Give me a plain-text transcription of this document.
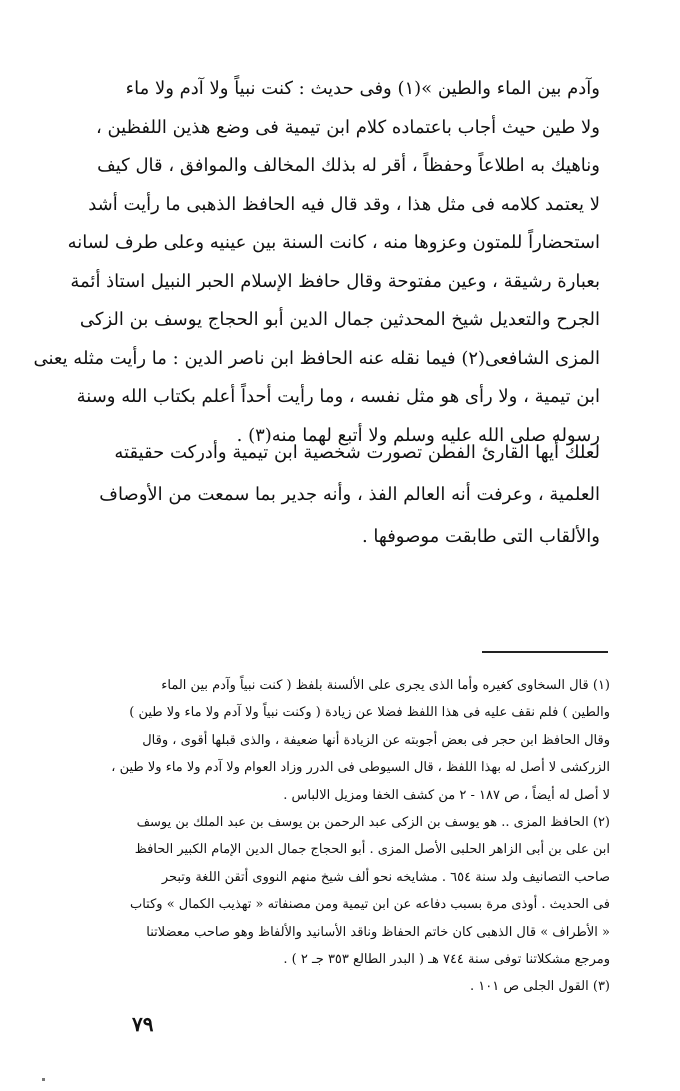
وآدم بين الماء والطين »(١) وفى حديث : كنت نبياً ولا آدم ولا ماء
ولا طين حيث أجاب باعتماده كلام ابن تيمية فى وضع هذين اللفظين ،
وناهيك به اطلاعاً وحفظاً ، أقر له بذلك المخالف والموافق ، قال كيف
لا يعتمد كلامه فى مثل هذا ، وقد قال فيه الحافظ الذهبى ما رأيت أشد
استحضاراً للمتون وعزوها منه ، كانت السنة بين عينيه وعلى طرف لسانه
بعبارة رشيقة ، وعين مفتوحة وقال حافظ الإسلام الحبر النبيل استاذ أئمة
الجرح والتعديل شيخ المحدثين جمال الدين أبو الحجاج يوسف بن الزكى
المزى الشافعى(٢) فيما نقله عنه الحافظ ابن ناصر الدين : ما رأيت مثله يعنى
ابن تيمية ، ولا رأى هو مثل نفسه ، وما رأيت أحداً أعلم بكتاب الله وسنة
رسوله صلى الله عليه وسلم ولا أتبع لهما منه(٣) .
لعلك أيها القارئ الفطن تصورت شخصية ابن تيمية وأدركت حقيقته
العلمية ، وعرفت أنه العالم الفذ ، وأنه جدير بما سمعت من الأوصاف
والألقاب التى طابقت موصوفها .
(١) قال السخاوى كغيره وأما الذى يجرى على الألسنة بلفظ ( كنت نبياً وآدم بين الماء
والطين ) فلم نقف عليه فى هذا اللفظ فضلا عن زيادة ( وكنت نبياً ولا آدم ولا ماء ولا طين )
وقال الحافظ ابن حجر فى بعض أجوبته عن الزيادة أنها ضعيفة ، والذى قبلها أقوى ، وقال
الزركشى لا أصل له بهذا اللفظ ، قال السيوطى فى الدرر وزاد العوام ولا آدم ولا ماء ولا طين ،
لا أصل له أيضاً ، ص ١٨٧ - ٢ من كشف الخفا ومزيل الالباس .
(٢) الحافظ المزى .. هو يوسف بن الزكى عبد الرحمن بن يوسف بن عبد الملك بن يوسف
ابن على بن أبى الزاهر الحلبى الأصل المزى . أبو الحجاج جمال الدين الإمام الكبير الحافظ
صاحب التصانيف ولد سنة ٦٥٤ . مشايخه نحو ألف شيخ منهم النووى أتقن اللغة وتبحر
فى الحديث . أوذى مرة بسبب دفاعه عن ابن تيمية ومن مصنفاته « تهذيب الكمال » وكتاب
« الأطراف » قال الذهبى كان خاتم الحفاظ وناقد الأسانيد والألفاظ وهو صاحب معضلاتنا
ومرجع مشكلاتنا توفى سنة ٧٤٤ هـ ( البدر الطالع ٣٥٣ جـ ٢ ) .
(٣) القول الجلى ص ١٠١ .
٧٩
